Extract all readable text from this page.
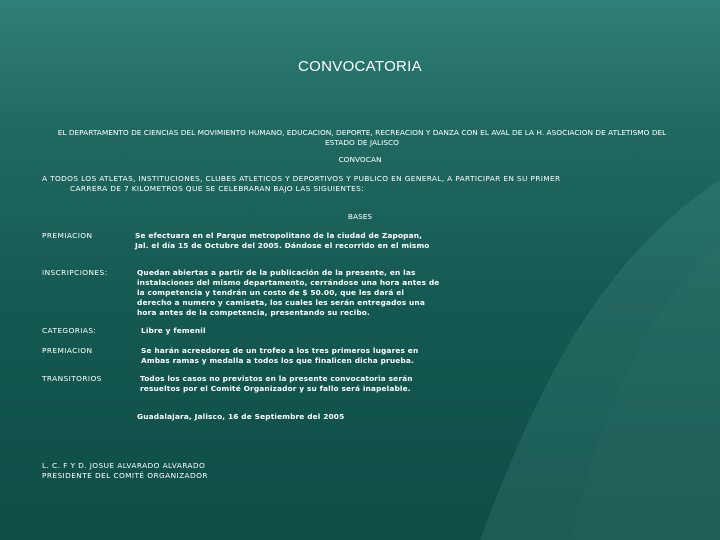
CONVOCATORIA
EL DEPARTAMENTO DE CIENCIAS DEL MOVIMIENTO HUMANO, EDUCACION, DEPORTE, RECREACION Y DANZA CON EL AVAL DE LA H. ASOCIACION DE ATLETISMO DEL ESTADO DE JALISCO
CONVOCAN
A TODOS LOS ATLETAS, INSTITUCIONES, CLUBES ATLETICOS Y DEPORTIVOS Y PUBLICO EN GENERAL, A PARTICIPAR EN SU PRIMER
CARRERA DE 7 KILOMETROS QUE SE CELEBRARAN BAJO LAS SIGUIENTES:
BASES
PREMIACION	Se efectuara en el Parque metropolitano de la ciudad de Zapopan, Jal. el día 15 de Octubre del 2005. Dándose el recorrido en el mismo
INSCRIPCIONES:	Quedan abiertas a partir de la publicación de la presente, en las instalaciones del mismo departamento, cerrándose una hora antes de la competencia y tendrán un costo de $ 50.00, que les dará el derecho a numero y camiseta, los cuales les serán entregados una hora antes de la competencia, presentando su recibo.
CATEGORIAS:	Libre y femenil
PREMIACION	Se harán acreedores de un trofeo a los tres primeros lugares en Ambas ramas y medalla a todos los que finalicen dicha prueba.
TRANSITORIOS	Todos los casos no previstos en la presente convocatoria serán resueltos por el Comité Organizador y su fallo será inapelable.
Guadalajara, Jalisco, 16 de Septiembre del 2005
L. C. F Y D. JOSUE ALVARADO ALVARADO
PRESIDENTE DEL COMITÉ ORGANIZADOR
